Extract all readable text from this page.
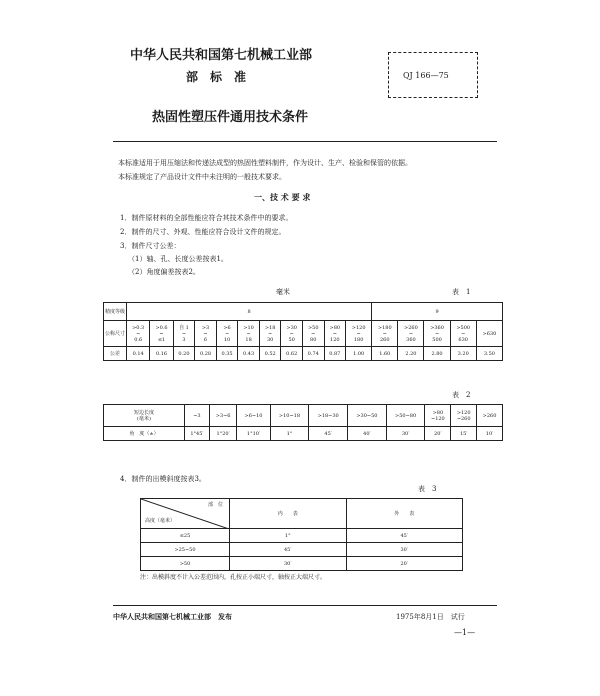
中华人民共和国第七机械工业部
部　标　准
热固性塑压件通用技术条件
QJ 166—75
本标准适用于用压缩法和传递法成型的热固性塑料制件，作为设计、生产、检验和保管的依据。
本标准规定了产品设计文件中未注明的一般技术要求。
一、技 术 要 求
1．制件原材料的全部性能应符合其技术条件中的要求。
2．制件的尺寸、外观、性能应符合设计文件的规定。
3．制件尺寸公差：
（1）轴、孔、长度公差按表1。
（2）角度偏差按表2。
毫米	表　1
精度等级	8											9				
公称尺寸	>0.3
~
0.6	>0.6
~
≤1	自 1
~
3	>3
~
6	>6
~
10	>10
~
18	>18
~
30	>30
~
50	>50
~
80	>80
~
120	>120
~
180	>180
~
260	>260
~
360	>360
~
500	>500
~
630	>630
公差	0.14	0.16	0.20	0.28	0.35	0.43	0.52	0.62	0.74	0.87	1.00	1.60	2.20	2.80	3.20	3.50
表　2
短边长度
(毫米)	~3	>3~6	>6~10	>10~18	>18~30	>30~50	>50~80	>80
~120	>120
~260	>260
角　度（±）	1°45′	1°20′	1°10′	1°	45′	40′	30′	20′	15′	10′
4．制件的出模斜度按表3。
表　3

部　位

高度（毫米）	内　　表	外　　表
≤25	1°	45′
>25~50	45′	30′
>50	30′	20′
注：出模斜度不计入公差范围内，孔按正小端尺寸，轴按正大端尺寸。
中华人民共和国第七机械工业部　发布	1975年8月1日　试行
—1—
